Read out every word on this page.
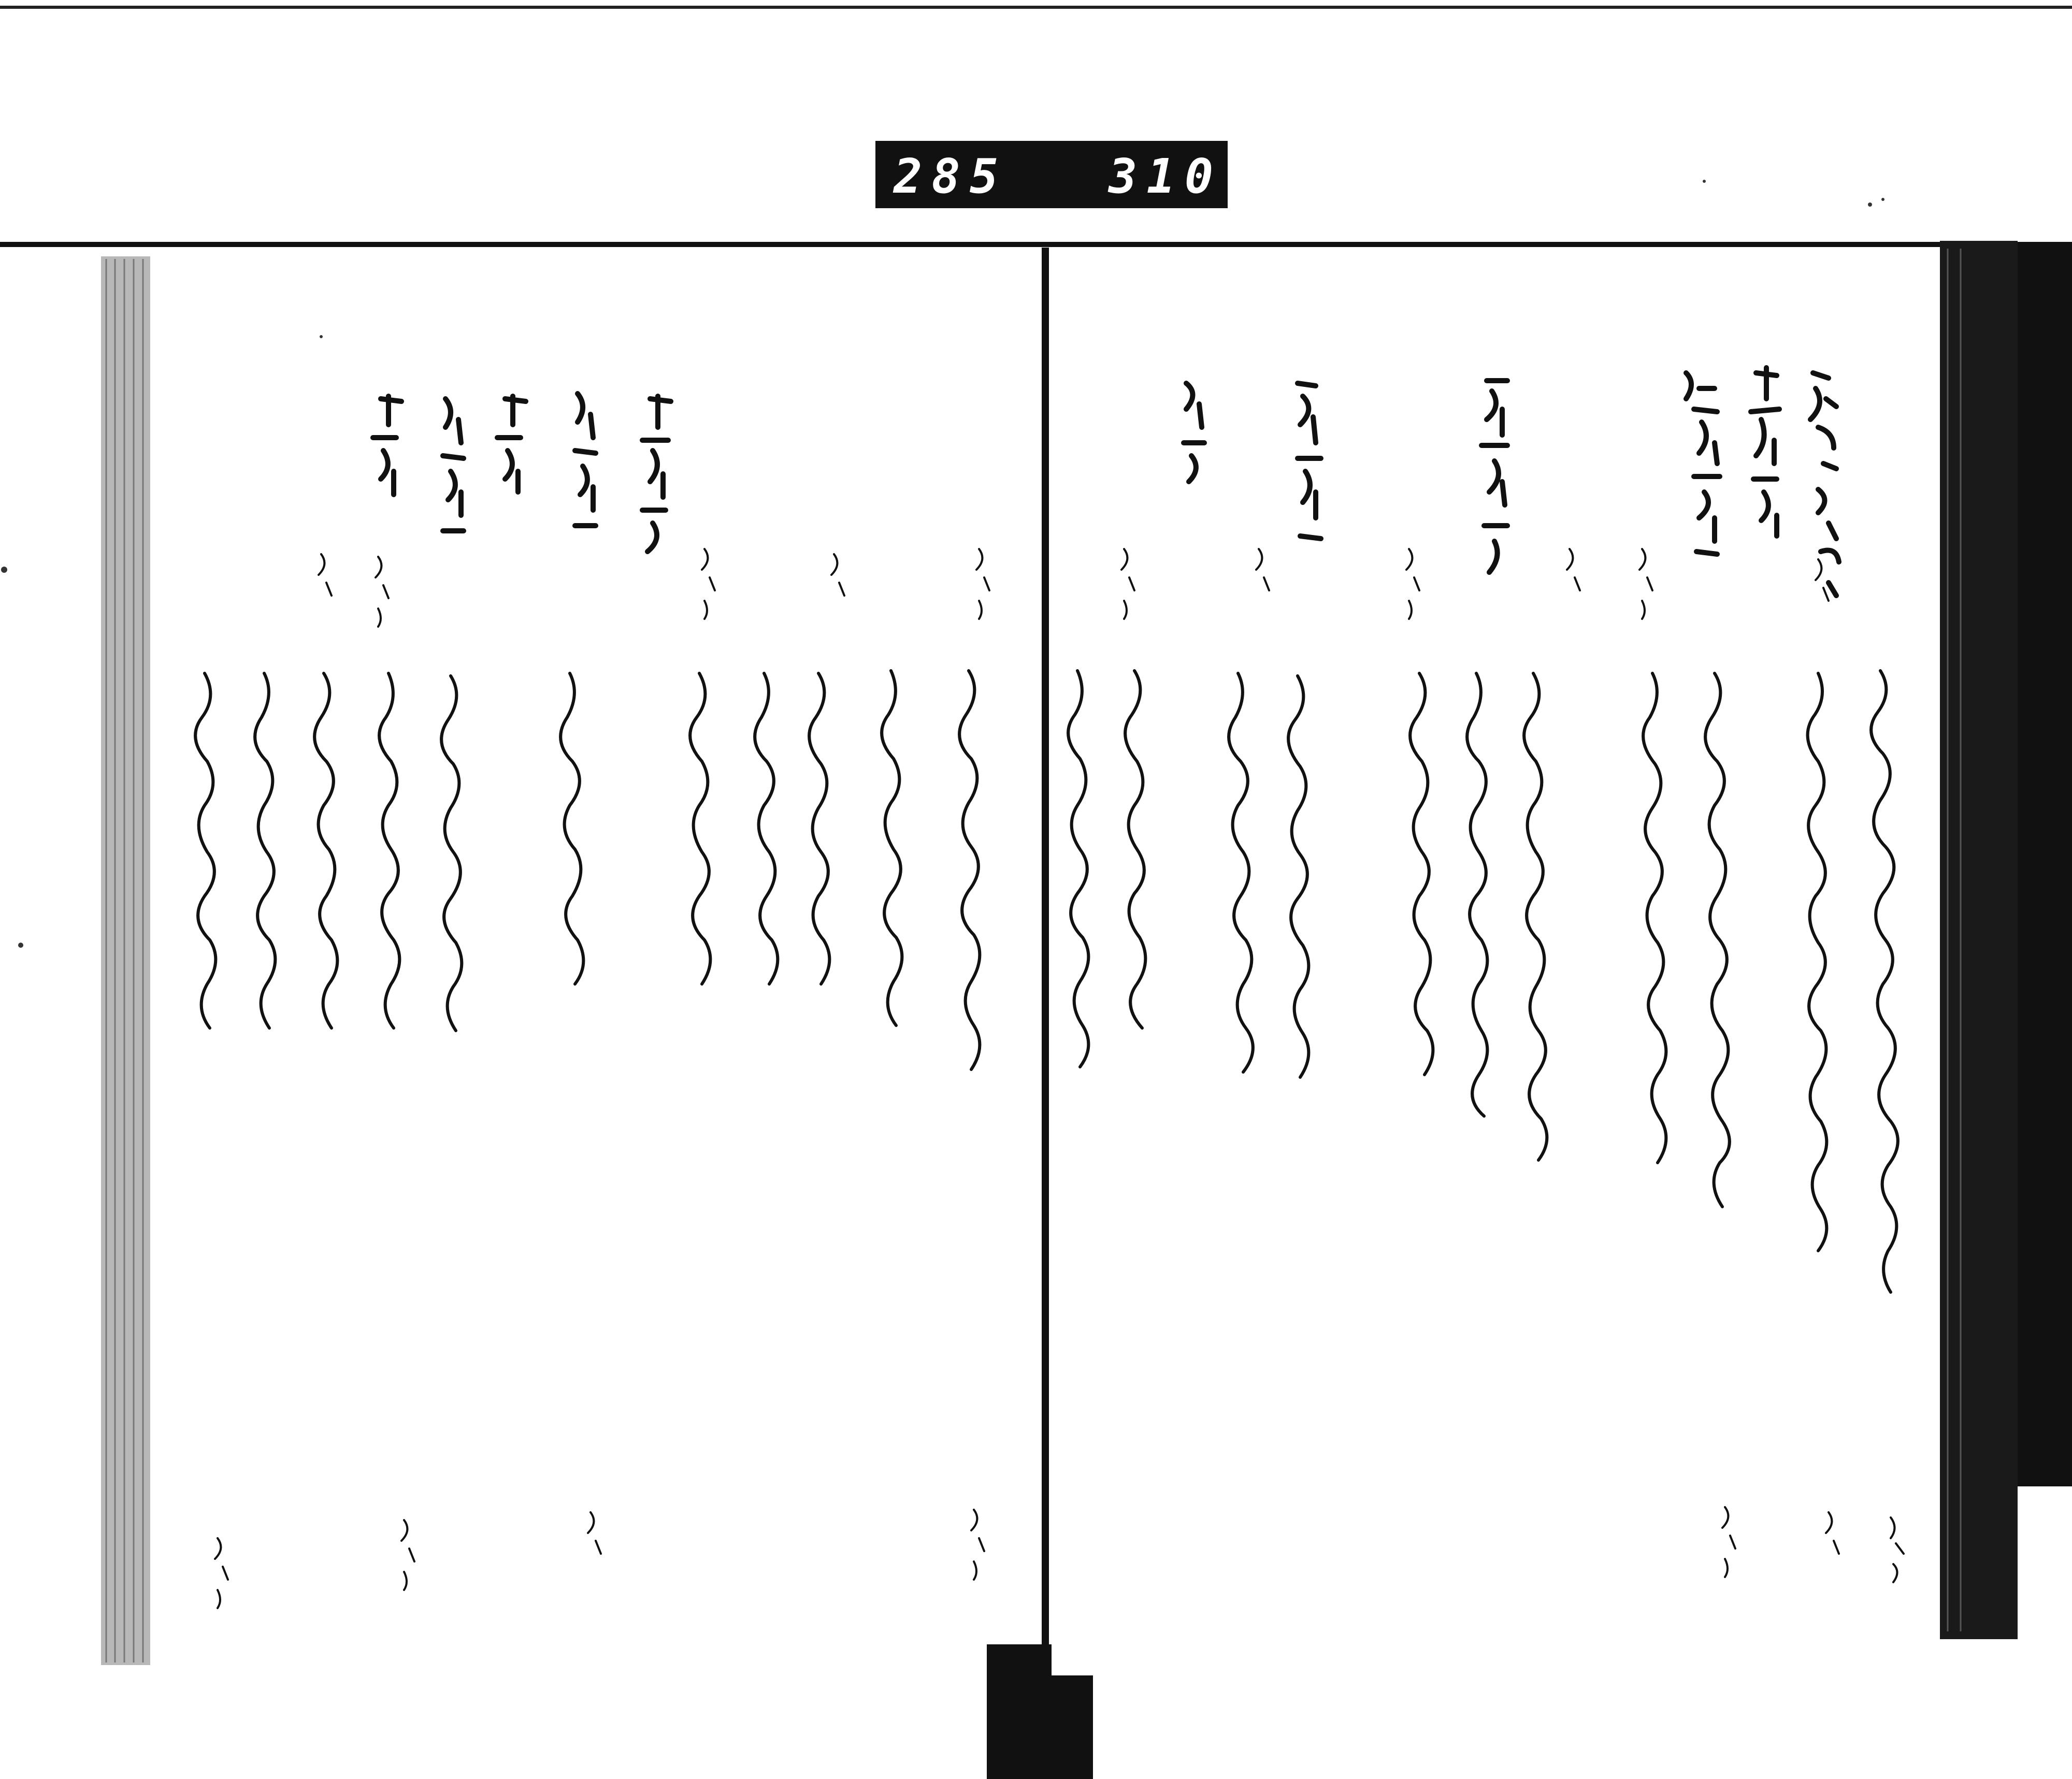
285 310.
